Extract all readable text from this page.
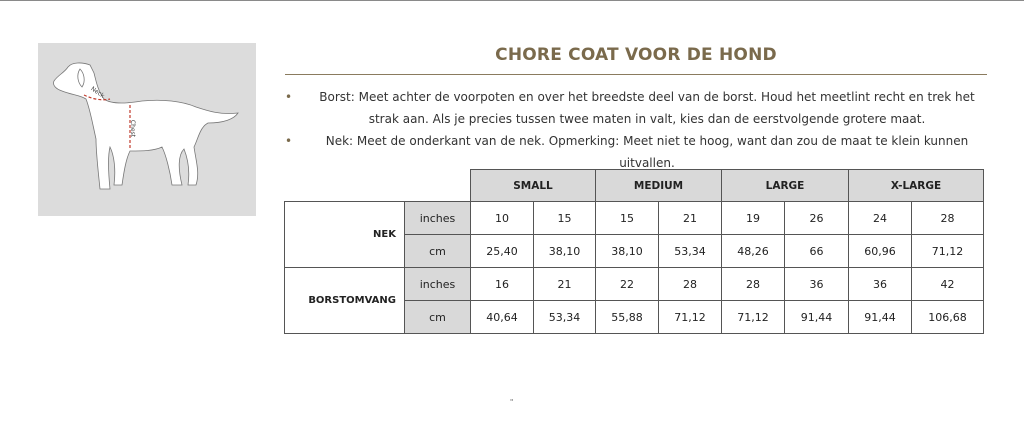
Neck
Chest
CHORE COAT VOOR DE HOND
• Borst: Meet achter de voorpoten en over het breedste deel van de borst. Houd het meetlint recht en trek het strak aan. Als je precies tussen twee maten in valt, kies dan de eerstvolgende grotere maat.
•	Nek: Meet de onderkant van de nek. Opmerking: Meet niet te hoog, want dan zou de maat te klein kunnen uitvallen.
		SMALL		MEDIUM		LARGE		X-LARGE	
NEK	inches	10	15	15	21	19	26	24	28
	cm	25,40	38,10	38,10	53,34	48,26	66	60,96	71,12
BORSTOMVANG	inches	16	21	22	28	28	36	36	42
	cm	40,64	53,34	55,88	71,12	71,12	91,44	91,44	106,68
"
